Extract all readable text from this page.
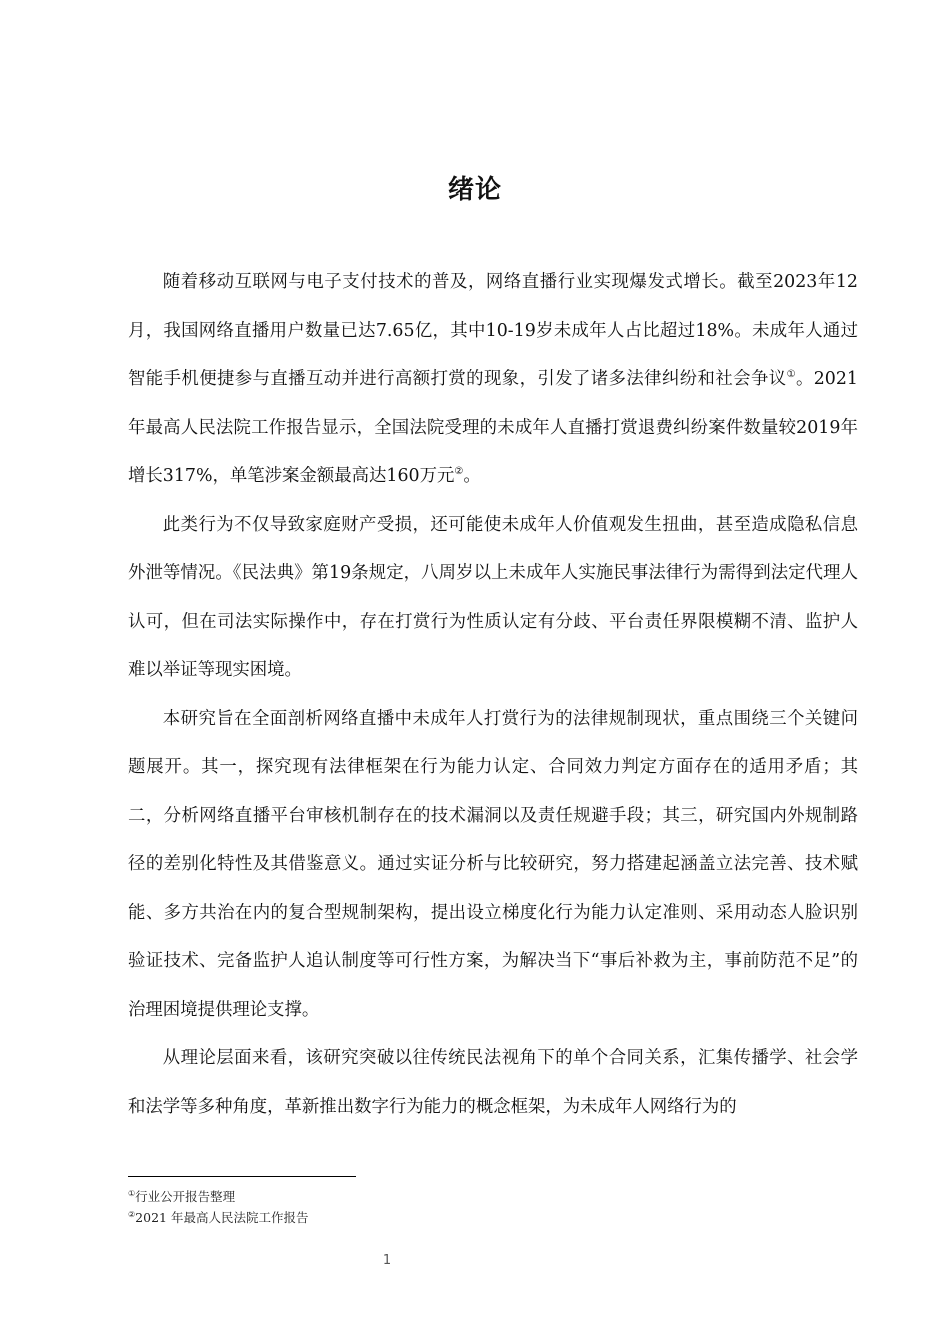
绪论

随着移动互联网与电子支付技术的普及，网络直播行业实现爆发式增长。截至2023年12月，我国网络直播用户数量已达7.65亿，其中10-19岁未成年人占比超过18%。未成年人通过智能手机便捷参与直播互动并进行高额打赏的现象，引发了诸多法律纠纷和社会争议①。2021年最高人民法院工作报告显示，全国法院受理的未成年人直播打赏退费纠纷案件数量较2019年增长317%，单笔涉案金额最高达160万元②。

此类行为不仅导致家庭财产受损，还可能使未成年人价值观发生扭曲，甚至造成隐私信息外泄等情况。《民法典》第19条规定，八周岁以上未成年人实施民事法律行为需得到法定代理人认可，但在司法实际操作中，存在打赏行为性质认定有分歧、平台责任界限模糊不清、监护人难以举证等现实困境。

本研究旨在全面剖析网络直播中未成年人打赏行为的法律规制现状，重点围绕三个关键问题展开。其一，探究现有法律框架在行为能力认定、合同效力判定方面存在的适用矛盾；其二，分析网络直播平台审核机制存在的技术漏洞以及责任规避手段；其三，研究国内外规制路径的差别化特性及其借鉴意义。通过实证分析与比较研究，努力搭建起涵盖立法完善、技术赋能、多方共治在内的复合型规制架构，提出设立梯度化行为能力认定准则、采用动态人脸识别验证技术、完备监护人追认制度等可行性方案，为解决当下“事后补救为主，事前防范不足”的治理困境提供理论支撑。

从理论层面来看，该研究突破以往传统民法视角下的单个合同关系，汇集传播学、社会学和法学等多种角度，革新推出数字行为能力的概念框架，为未成年人网络行为的

①行业公开报告整理
②2021 年最高人民法院工作报告
1
